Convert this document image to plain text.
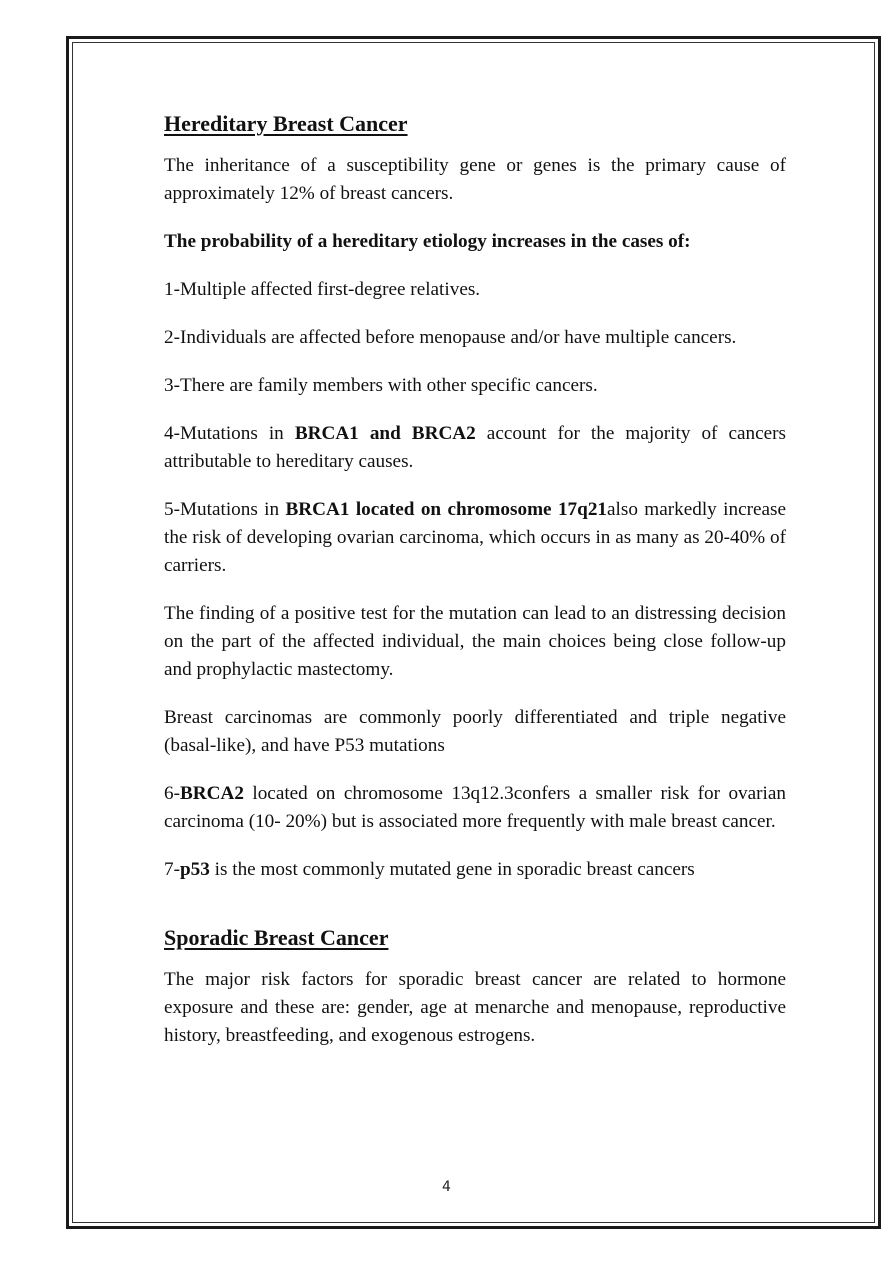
Hereditary Breast Cancer

The inheritance of a susceptibility gene or genes is the primary cause of approximately 12% of breast cancers.

The probability of a hereditary etiology increases in the cases of:

1-Multiple affected first-degree relatives.

2-Individuals are affected before menopause and/or have multiple cancers.

3-There are family members with other specific cancers.

4-Mutations in BRCA1 and BRCA2 account for the majority of cancers attributable to hereditary causes.

5-Mutations in BRCA1 located on chromosome 17q21also markedly increase the risk of developing ovarian carcinoma, which occurs in as many as 20-40% of carriers.

The finding of a positive test for the mutation can lead to an distressing decision on the part of the affected individual, the main choices being close follow-up and prophylactic mastectomy.

Breast carcinomas are commonly poorly differentiated and triple negative (basal-like), and have P53 mutations

6-BRCA2 located on chromosome 13q12.3confers a smaller risk for ovarian carcinoma (10- 20%) but is associated more frequently with male breast cancer.

7-p53 is the most commonly mutated gene in sporadic breast cancers

Sporadic Breast Cancer

The major risk factors for sporadic breast cancer are related to hormone exposure and these are: gender, age at menarche and menopause, reproductive history, breastfeeding, and exogenous estrogens.

4
